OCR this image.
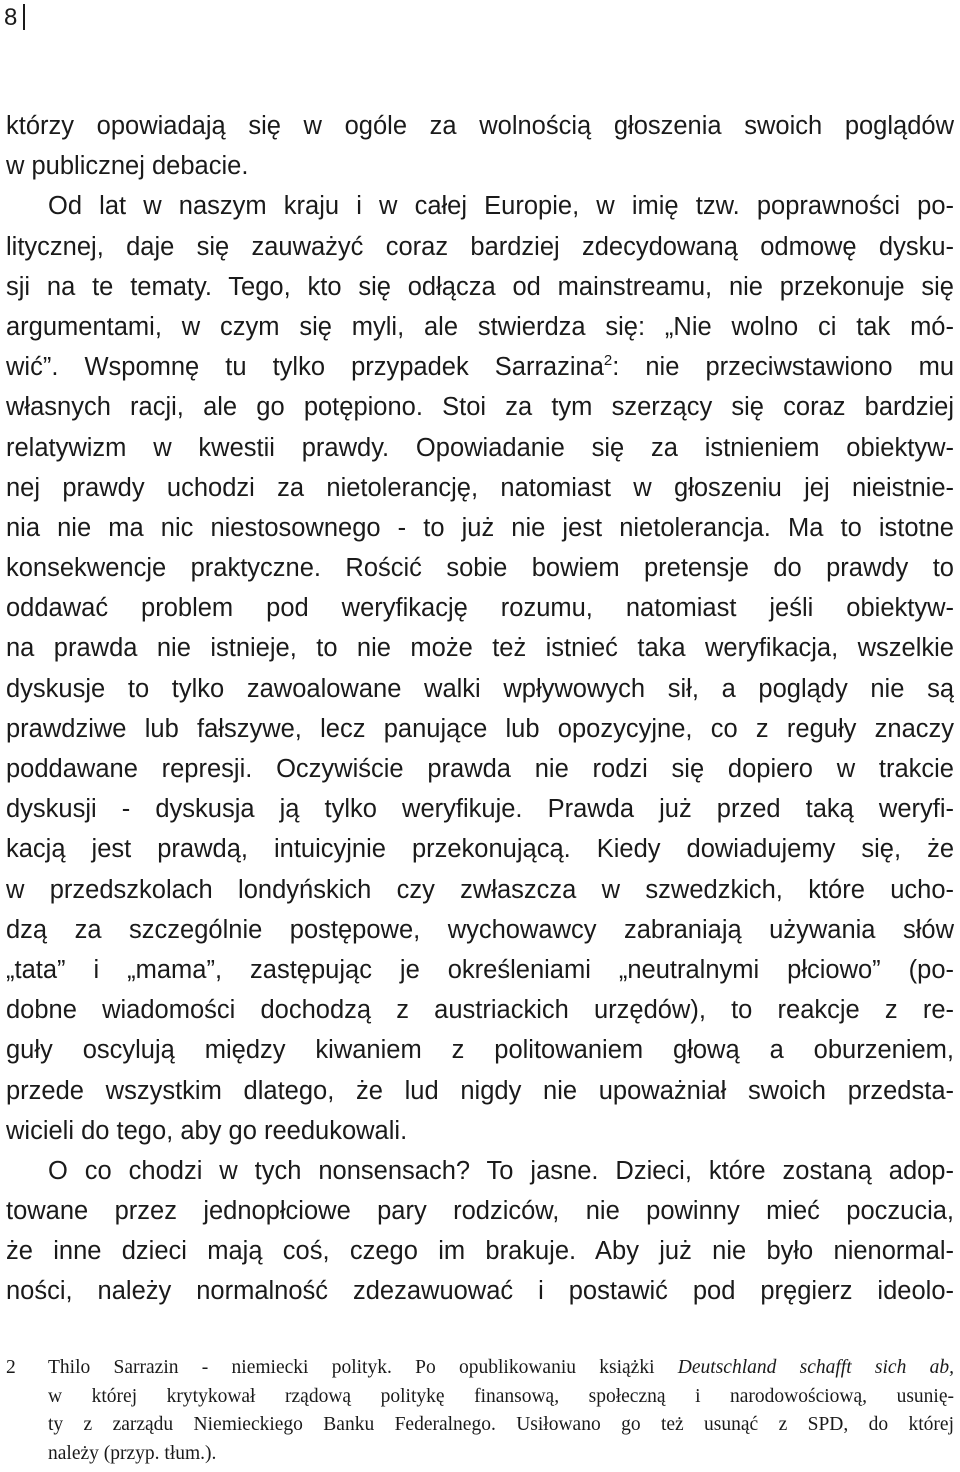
8
którzy opowiadają się w ogóle za wolnością głoszenia swoich poglądów
w publicznej debacie.
Od lat w naszym kraju i w całej Europie, w imię tzw. poprawności po-
litycznej, daje się zauważyć coraz bardziej zdecydowaną odmowę dysku-
sji na te tematy. Tego, kto się odłącza od mainstreamu, nie przekonuje się
argumentami, w czym się myli, ale stwierdza się: „Nie wolno ci tak mó-
wić”. Wspomnę tu tylko przypadek Sarrazina$^2$: nie przeciwstawiono mu
własnych racji, ale go potępiono. Stoi za tym szerzący się coraz bardziej
relatywizm w kwestii prawdy. Opowiadanie się za istnieniem obiektyw-
nej prawdy uchodzi za nietolerancję, natomiast w głoszeniu jej nieistnie-
nia nie ma nic niestosownego - to już nie jest nietolerancja. Ma to istotne
konsekwencje praktyczne. Rościć sobie bowiem pretensje do prawdy to
oddawać problem pod weryfikację rozumu, natomiast jeśli obiektyw-
na prawda nie istnieje, to nie może też istnieć taka weryfikacja, wszelkie
dyskusje to tylko zawoalowane walki wpływowych sił, a poglądy nie są
prawdziwe lub fałszywe, lecz panujące lub opozycyjne, co z reguły znaczy
poddawane represji. Oczywiście prawda nie rodzi się dopiero w trakcie
dyskusji - dyskusja ją tylko weryfikuje. Prawda już przed taką weryfi-
kacją jest prawdą, intuicyjnie przekonującą. Kiedy dowiadujemy się, że
w przedszkolach londyńskich czy zwłaszcza w szwedzkich, które ucho-
dzą za szczególnie postępowe, wychowawcy zabraniają używania słów
„tata” i „mama”, zastępując je określeniami „neutralnymi płciowo” (po-
dobne wiadomości dochodzą z austriackich urzędów), to reakcje z re-
guły oscylują między kiwaniem z politowaniem głową a oburzeniem,
przede wszystkim dlatego, że lud nigdy nie upoważniał swoich przedsta-
wicieli do tego, aby go reedukowali.
O co chodzi w tych nonsensach? To jasne. Dzieci, które zostaną adop-
towane przez jednopłciowe pary rodziców, nie powinny mieć poczucia,
że inne dzieci mają coś, czego im brakuje. Aby już nie było nienormal-
ności, należy normalność zdezawuować i postawić pod pręgierz ideolo-
2 Thilo Sarrazin - niemiecki polityk. Po opublikowaniu książki Deutschland schafft sich ab,
w której krytykował rządową politykę finansową, społeczną i narodowościową, usunię-
ty z zarządu Niemieckiego Banku Federalnego. Usiłowano go też usunąć z SPD, do której
należy (przyp. tłum.).
